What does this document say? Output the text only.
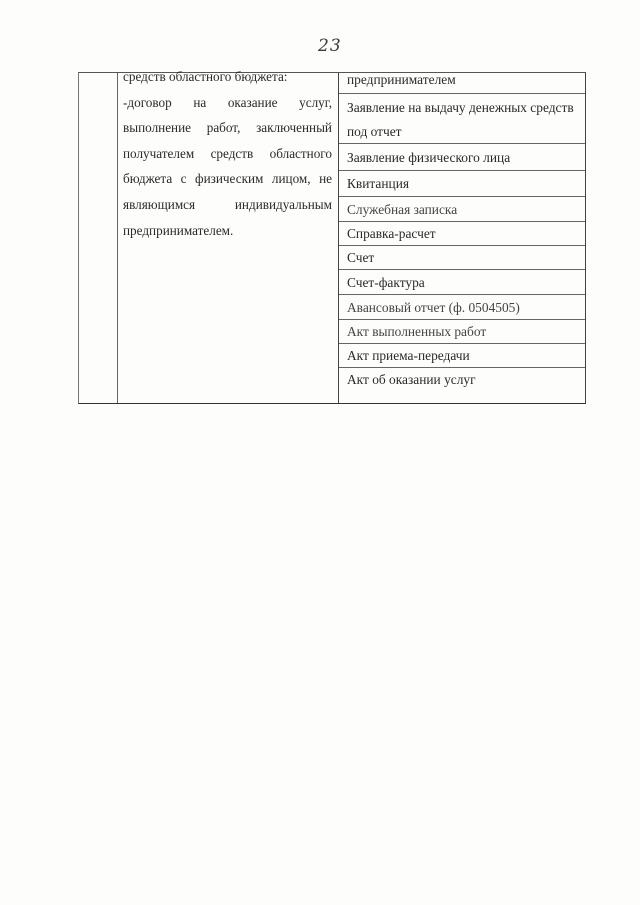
23
средств областного бюджета:
-договор на оказание услуг,
выполнение работ, заключенный
получателем средств областного
бюджета с физическим лицом, не
являющимся индивидуальным
предпринимателем.
предпринимателем
Заявление на выдачу денежных средств под отчет
Заявление физического лица
Квитанция
Служебная записка
Справка-расчет
Счет
Счет-фактура
Авансовый отчет (ф. 0504505)
Акт выполненных работ
Акт приема-передачи
Акт об оказании услуг
